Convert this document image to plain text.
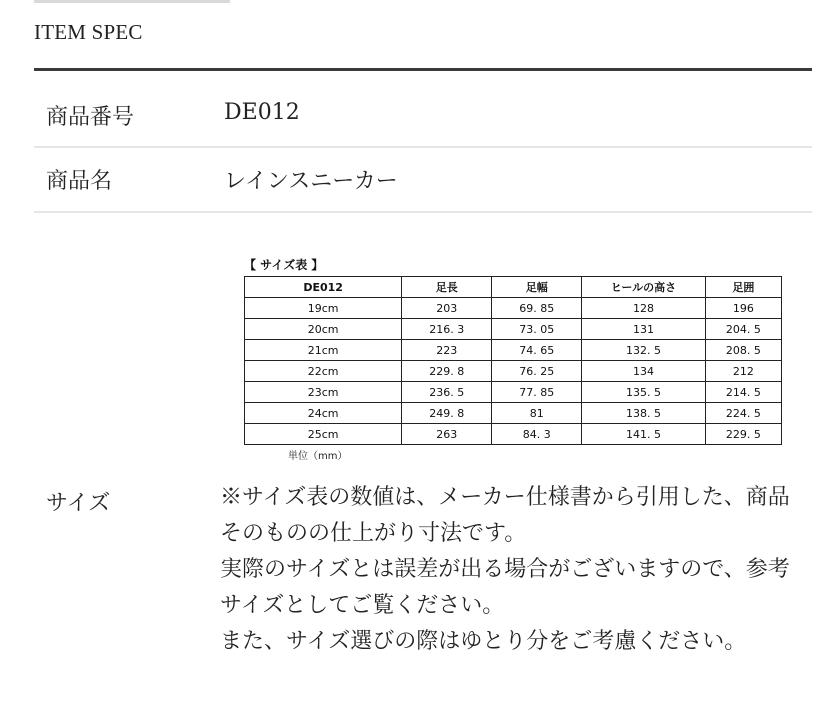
ITEM SPEC
商品番号	DE012
商品名	レインスニーカー
【 サイズ表 】
DE012	足長	足幅	ヒールの高さ	足囲
19cm	203	69. 85	128	196
20cm	216. 3	73. 05	131	204. 5
21cm	223	74. 65	132. 5	208. 5
22cm	229. 8	76. 25	134	212
23cm	236. 5	77. 85	135. 5	214. 5
24cm	249. 8	81	138. 5	224. 5
25cm	263	84. 3	141. 5	229. 5
単位（mm）
サイズ	※サイズ表の数値は、メーカー仕様書から引用した、商品そのものの仕上がり寸法です。

実際のサイズとは誤差が出る場合がございますので、参考サイズとしてご覧ください。

また、サイズ選びの際はゆとり分をご考慮ください。
